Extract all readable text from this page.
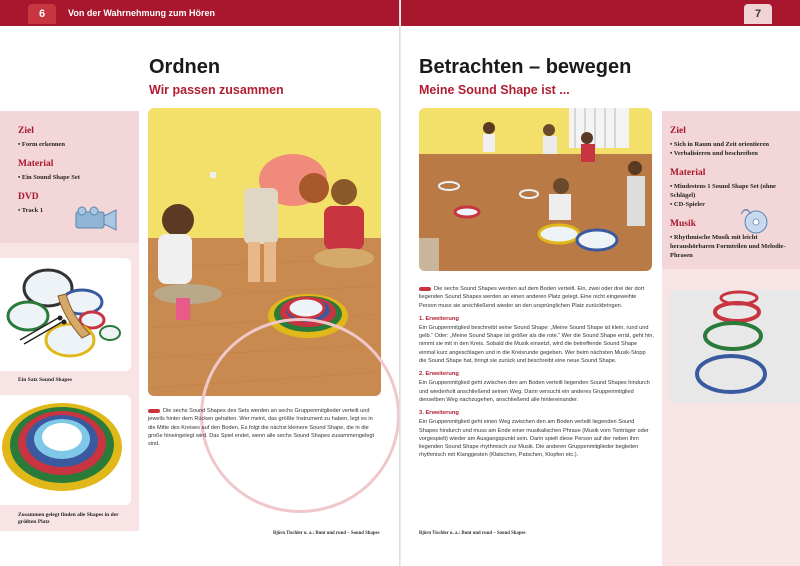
6	Von der Wahrnehmung zum Hören
Ordnen
Wir passen zusammen
Ziel
• Form erkennen
Material
• Ein Sound Shape Set
DVD
• Track 1
Ein Satz Sound Shapes
Zusammen gelegt finden alle Shapes in der größten Platz

Die sechs Sound Shapes des Sets werden an sechs Gruppenmitglieder verteilt und jeweils hinter dem Rücken gehalten. Wer meint, das größte Instrument zu haben, legt es in die Mitte des Kreises auf den Boden. Es folgt die nächst kleinere Sound Shape, die in die große hineingelegt wird. Das Spiel endet, wenn alle sechs Sound Shapes zusammengelegt sind.

Björn Tischler u. a.: Bunt und rund – Sound Shapes
7
Betrachten – bewegen
Meine Sound Shape ist ...

Die sechs Sound Shapes werden auf dem Boden verteilt. Ein, zwei oder drei der dort liegenden Sound Shapes werden an einen anderen Platz gelegt. Eine nicht eingeweihte Person muss sie anschließend wieder an den ursprünglichen Platz zurückbringen.

1. Erweiterung

Ein Gruppenmitglied beschreibt seine Sound Shape: „Meine Sound Shape ist klein, rund und gelb.“ Oder: „Meine Sound Shape ist größer als die rote.“ Wer die Sound Shape errät, geht hin, nimmt sie mit in den Kreis. Sobald die Musik einsetzt, wird die betreffende Sound Shape einmal kurz angeschlagen und in die Kreisrunde gegeben. Wer beim nächsten Musik-Stopp die Sound Shape hat, bringt sie zurück und beschreibt eine neue Sound Shape.

2. Erweiterung

Ein Gruppenmitglied geht zwischen den am Boden verteilt liegenden Sound Shapes hindurch und wiederholt anschließend seinen Weg. Dann versucht ein anderes Gruppenmitglied denselben Weg nachzugehen, anschließend alle hintereinander.

3. Erweiterung

Ein Gruppenmitglied geht einen Weg zwischen den am Boden verteilt liegenden Sound Shapes hindurch und muss am Ende einer musikalischen Phrase (Musik vom Tonträger oder vorgespielt) wieder am Ausgangspunkt sein. Darin spielt diese Person auf der neben ihm liegenden Sound Shape rhythmisch zur Musik. Die anderen Gruppenmitglieder begleiten rhythmisch mit Klanggesten (Klatschen, Patschen, Klopfen etc.).

Björn Tischler u. a.: Bunt und rund – Sound Shapes
Ziel
• Sich in Raum und Zeit orientieren
• Verbalisieren und beschreiben
Material
• Mindestens 1 Sound Shape Set (ohne Schlägel)
• CD-Spieler
Musik
• Rhythmische Musik mit leicht heraushörbaren Formteilen und Melodie-Phrasen
